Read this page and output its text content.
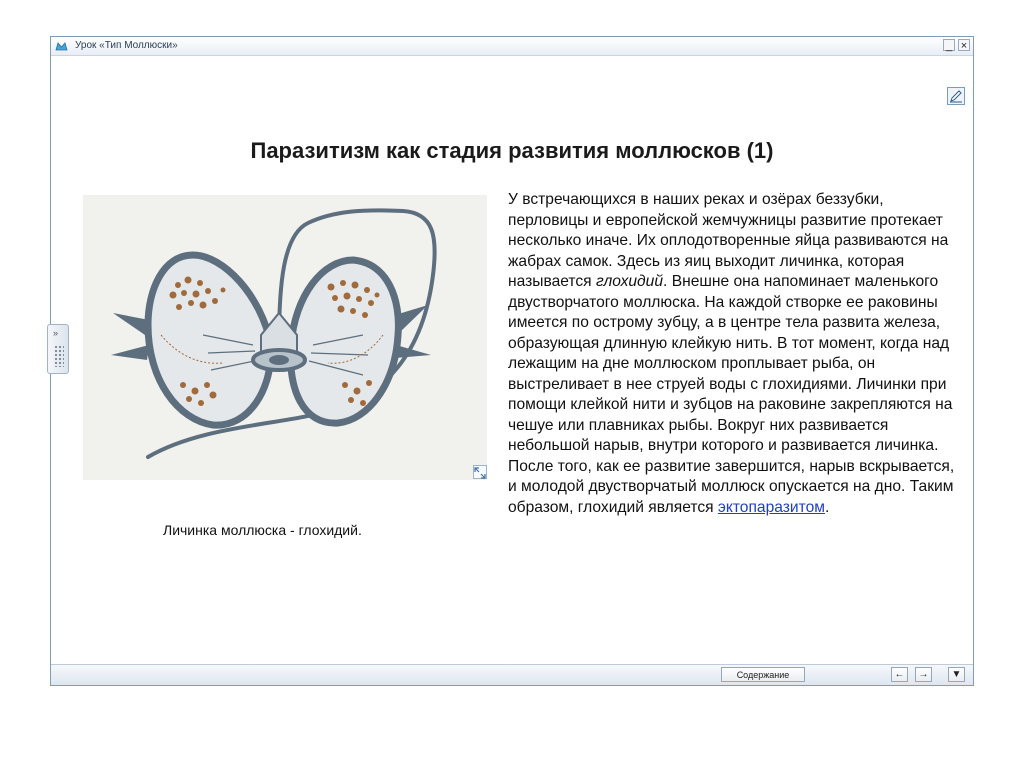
Урок «Тип Моллюски»	_ ×
Паразитизм как стадия развития моллюсков (1)
Личинка моллюска - глохидий.
У встречающихся в наших реках и озёрах беззубки, перловицы и европейской жемчужницы развитие протекает несколько иначе. Их оплодотворенные яйца развиваются на жабрах самок. Здесь из яиц выходит личинка, которая называется глохидий. Внешне она напоминает маленького двустворчатого моллюска. На каждой створке ее раковины имеется по острому зубцу, а в центре тела развита железа, образующая длинную клейкую нить. В тот момент, когда над лежащим на дне моллюском проплывает рыба, он выстреливает в нее струей воды с глохидиями. Личинки при помощи клейкой нити и зубцов на раковине закрепляются на чешуе или плавниках рыбы. Вокруг них развивается небольшой нарыв, внутри которого и развивается личинка. После того, как ее развитие завершится, нарыв вскрывается, и молодой двустворчатый моллюск опускается на дно. Таким образом, глохидий является эктопаразитом.
»
Содержание	←	→	▼
